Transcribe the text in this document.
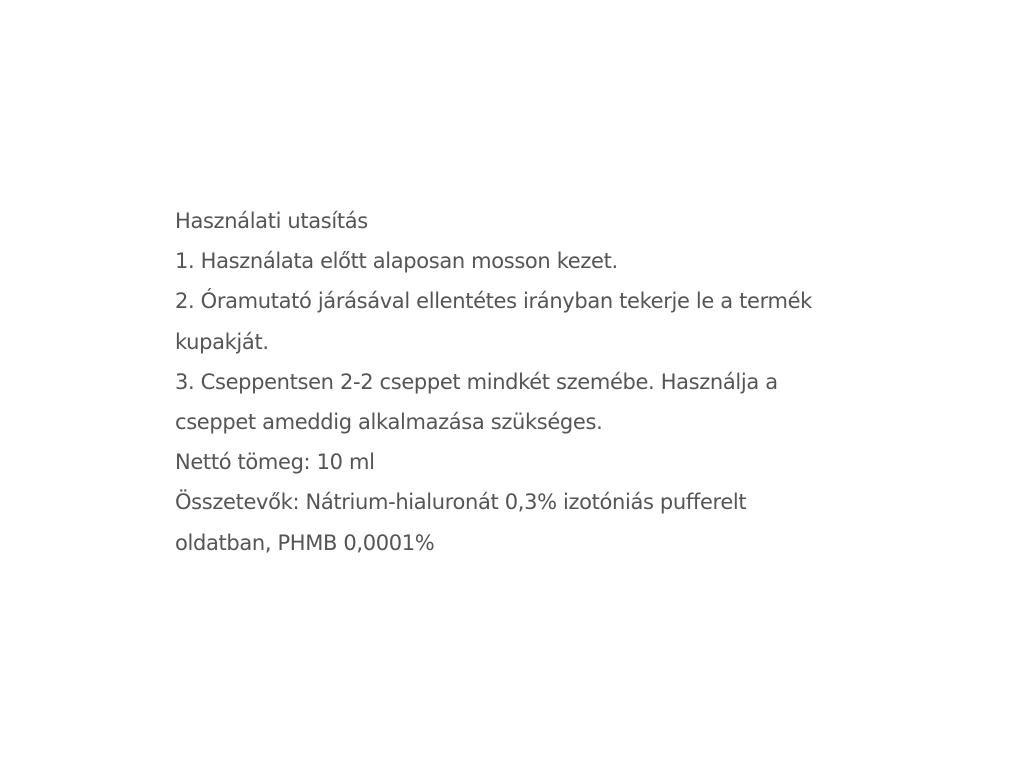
Használati utasítás
1. Használata előtt alaposan mosson kezet.
2. Óramutató járásával ellentétes irányban tekerje le a termék
kupakját.
3. Cseppentsen 2-2 cseppet mindkét szemébe. Használja a
cseppet ameddig alkalmazása szükséges.
Nettó tömeg: 10 ml
Összetevők: Nátrium-hialuronát 0,3% izotóniás pufferelt
oldatban, PHMB 0,0001%
